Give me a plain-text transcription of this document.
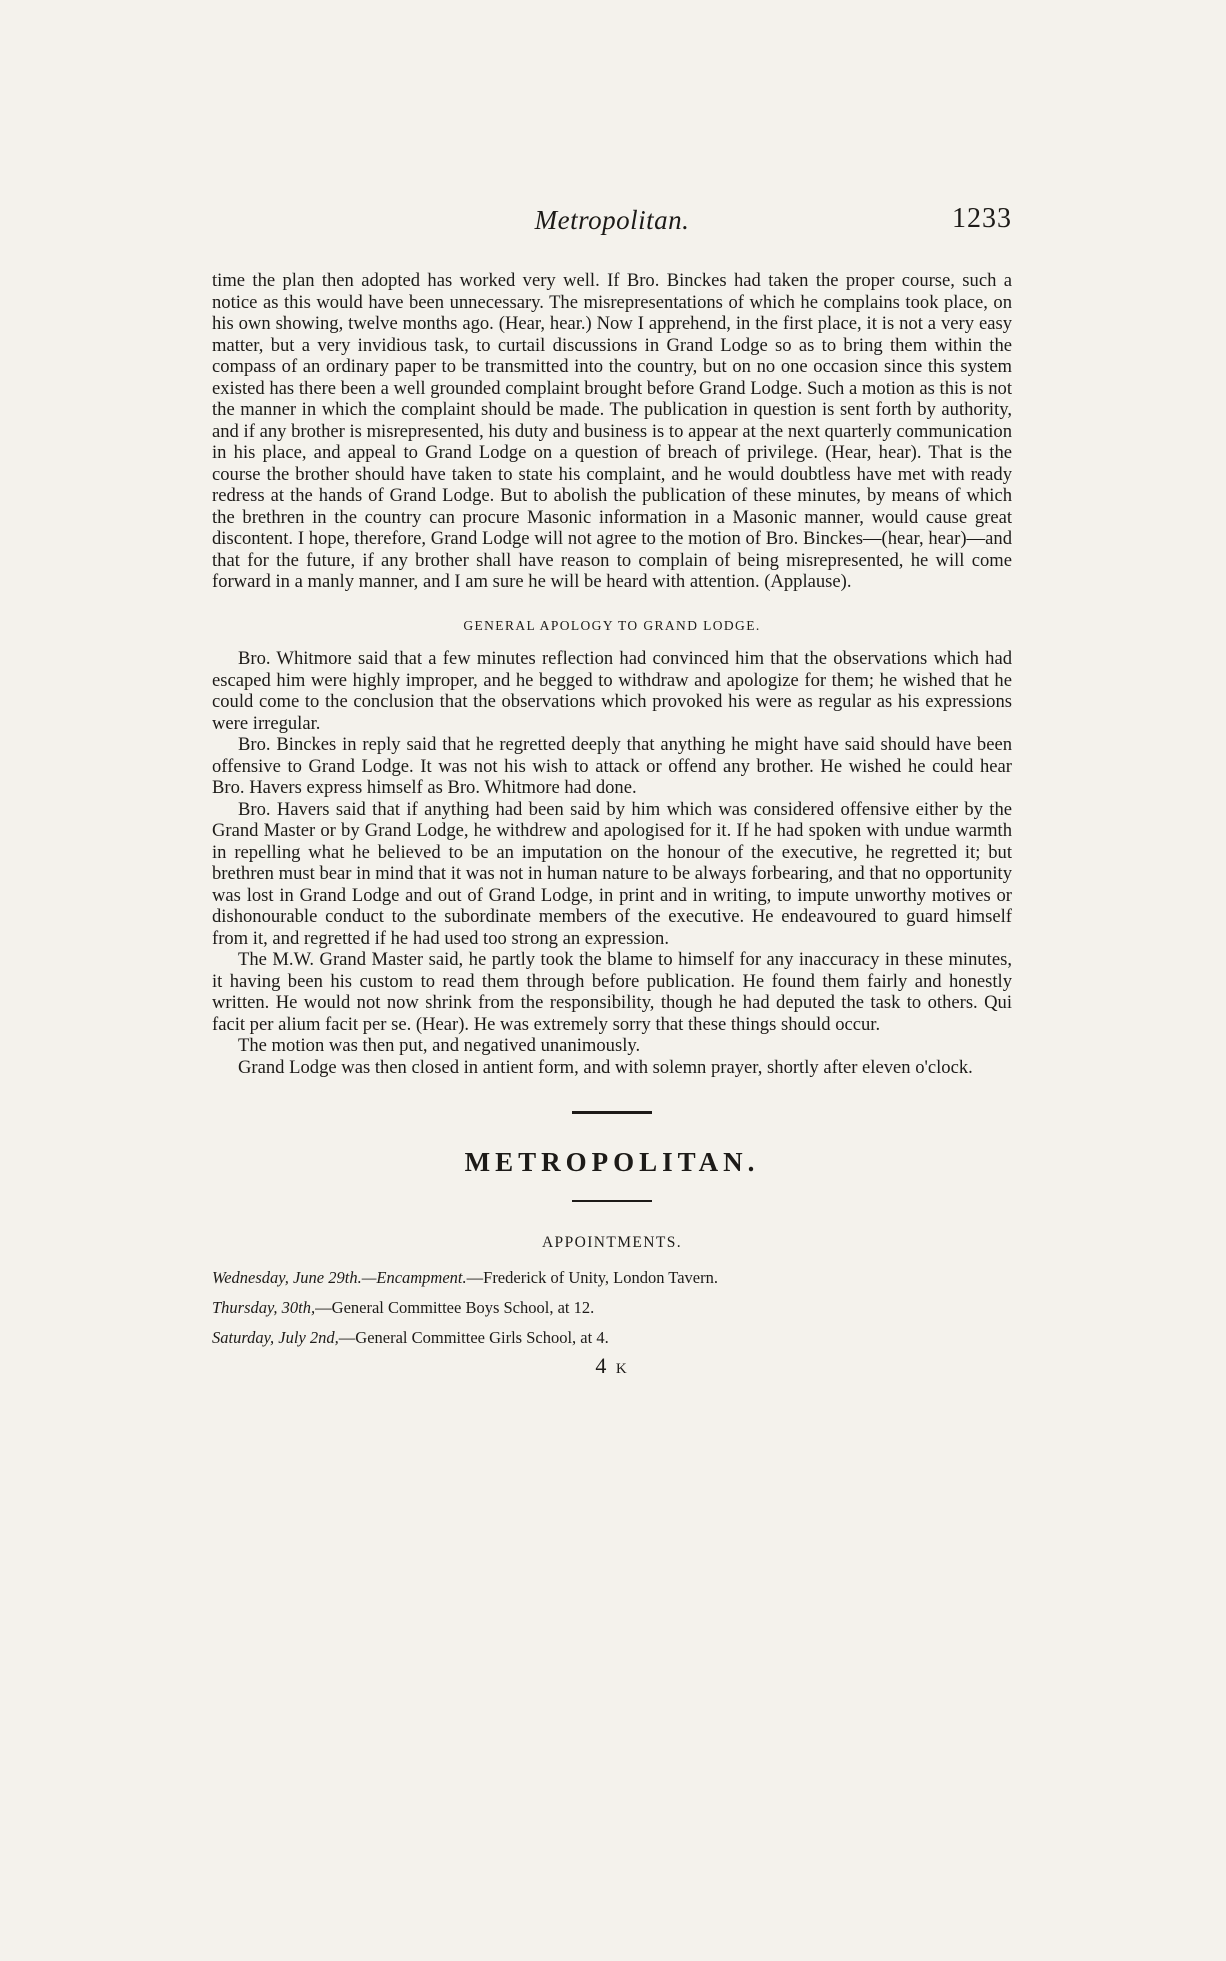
Metropolitan.	1233

time the plan then adopted has worked very well. If Bro. Binckes had taken the proper course, such a notice as this would have been unnecessary. The misrepresentations of which he complains took place, on his own showing, twelve months ago. (Hear, hear.) Now I apprehend, in the first place, it is not a very easy matter, but a very invidious task, to curtail discussions in Grand Lodge so as to bring them within the compass of an ordinary paper to be transmitted into the country, but on no one occasion since this system existed has there been a well grounded complaint brought before Grand Lodge. Such a motion as this is not the manner in which the complaint should be made. The publication in question is sent forth by authority, and if any brother is misrepresented, his duty and business is to appear at the next quarterly communication in his place, and appeal to Grand Lodge on a question of breach of privilege. (Hear, hear). That is the course the brother should have taken to state his complaint, and he would doubtless have met with ready redress at the hands of Grand Lodge. But to abolish the publication of these minutes, by means of which the brethren in the country can procure Masonic information in a Masonic manner, would cause great discontent. I hope, therefore, Grand Lodge will not agree to the motion of Bro. Binckes—(hear, hear)—and that for the future, if any brother shall have reason to complain of being misrepresented, he will come forward in a manly manner, and I am sure he will be heard with attention. (Applause).

GENERAL APOLOGY TO GRAND LODGE.

Bro. Whitmore said that a few minutes reflection had convinced him that the observations which had escaped him were highly improper, and he begged to withdraw and apologize for them; he wished that he could come to the conclusion that the observations which provoked his were as regular as his expressions were irregular.

Bro. Binckes in reply said that he regretted deeply that anything he might have said should have been offensive to Grand Lodge. It was not his wish to attack or offend any brother. He wished he could hear Bro. Havers express himself as Bro. Whitmore had done.

Bro. Havers said that if anything had been said by him which was considered offensive either by the Grand Master or by Grand Lodge, he withdrew and apologised for it. If he had spoken with undue warmth in repelling what he believed to be an imputation on the honour of the executive, he regretted it; but brethren must bear in mind that it was not in human nature to be always forbearing, and that no opportunity was lost in Grand Lodge and out of Grand Lodge, in print and in writing, to impute unworthy motives or dishonourable conduct to the subordinate members of the executive. He endeavoured to guard himself from it, and regretted if he had used too strong an expression.

The M.W. Grand Master said, he partly took the blame to himself for any inaccuracy in these minutes, it having been his custom to read them through before publication. He found them fairly and honestly written. He would not now shrink from the responsibility, though he had deputed the task to others. Qui facit per alium facit per se. (Hear). He was extremely sorry that these things should occur.

The motion was then put, and negatived unanimously.

Grand Lodge was then closed in antient form, and with solemn prayer, shortly after eleven o'clock.

METROPOLITAN.
APPOINTMENTS.

Wednesday, June 29th.—Encampment.—Frederick of Unity, London Tavern.

Thursday, 30th,—General Committee Boys School, at 12.

Saturday, July 2nd,—General Committee Girls School, at 4.

4 K
